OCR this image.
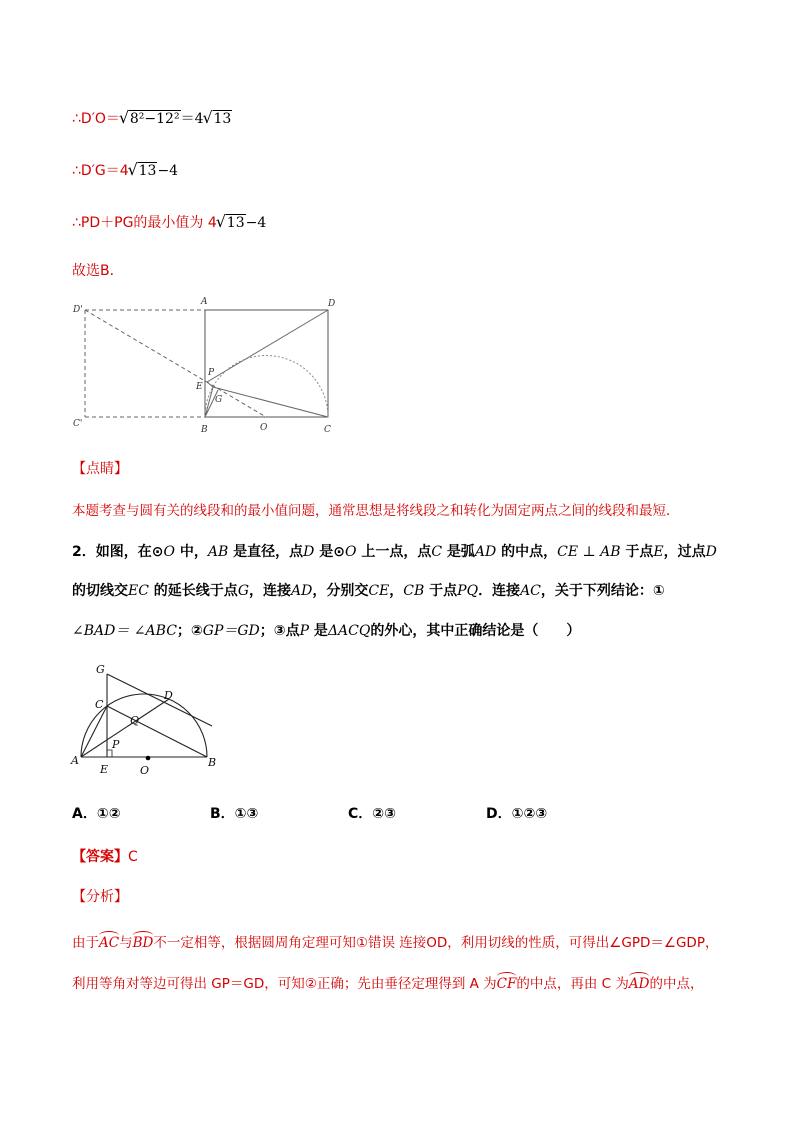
∴D′O＝ √ 8²−12²＝4 √ 13
∴D′G＝4 √ 13−4
∴PD＋PG的最小值为 4 √ 13−4
故选B．
D'
A	D
P
E
G
C'
B	O	C
【点睛】
本题考查与圆有关的线段和的最小值问题，通常思想是将线段之和转化为固定两点之间的线段和最短．
2．如图，在⊙O 中，AB 是直径，点D 是⊙O 上一点，点C 是弧AD 的中点，CE ⊥ AB 于点E，过点D
的切线交EC 的延长线于点G，连接AD，分别交CE，CB 于点PQ．连接AC，关于下列结论：①
∠BAD＝ ∠ABC；②GP＝GD；③点P 是ΔACQ的外心，其中正确结论是（　　）
G
C
D
Q
P
A
E	O
B
A．①②	B．①③	C．②③	D．①②③
【答案】C
【分析】
由于AC与BD不一定相等，根据圆周角定理可知①错误 连接OD，利用切线的性质，可得出∠GPD＝∠GDP，
利用等角对等边可得出 GP＝GD，可知②正确；先由垂径定理得到 A 为CF的中点，再由 C 为AD的中点，
